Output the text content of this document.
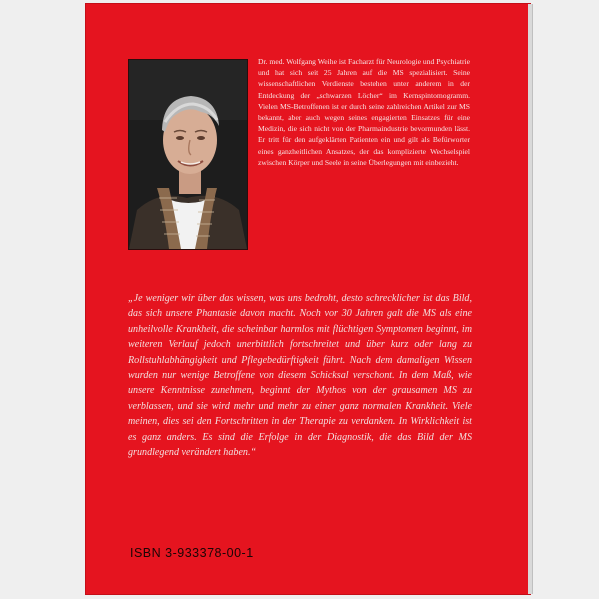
Dr. med. Wolfgang Weihe ist Facharzt für Neurologie und Psychiatrie und hat sich seit 25 Jahren auf die MS spezialisiert. Seine wissenschaftlichen Verdienste bestehen unter anderem in der Entdeckung der „schwarzen Löcher“ im Kernspintomogramm. Vielen MS-Betroffenen ist er durch seine zahlreichen Artikel zur MS bekannt, aber auch wegen seines engagierten Einsatzes für eine Medizin, die sich nicht von der Pharmaindustrie bevormunden lässt. Er tritt für den aufgeklärten Patienten ein und gilt als Befürworter eines ganzheitlichen Ansatzes, der das komplizierte Wechselspiel zwischen Körper und Seele in seine Überlegungen mit einbezieht.

„Je weniger wir über das wissen, was uns bedroht, desto schrecklicher ist das Bild, das sich unsere Phantasie davon macht. Noch vor 30 Jahren galt die MS als eine unheilvolle Krankheit, die scheinbar harmlos mit flüchtigen Symptomen beginnt, im weiteren Verlauf jedoch unerbittlich fortschreitet und über kurz oder lang zu Rollstuhlabhängigkeit und Pflegebedürftigkeit führt. Nach dem damaligen Wissen wurden nur wenige Betroffene von diesem Schicksal verschont. In dem Maß, wie unsere Kenntnisse zunehmen, beginnt der Mythos von der grausamen MS zu verblassen, und sie wird mehr und mehr zu einer ganz normalen Krankheit. Viele meinen, dies sei den Fortschritten in der Therapie zu verdanken. In Wirklichkeit ist es ganz anders. Es sind die Erfolge in der Diagnostik, die das Bild der MS grundlegend verändert haben.“

ISBN 3-933378-00-1
